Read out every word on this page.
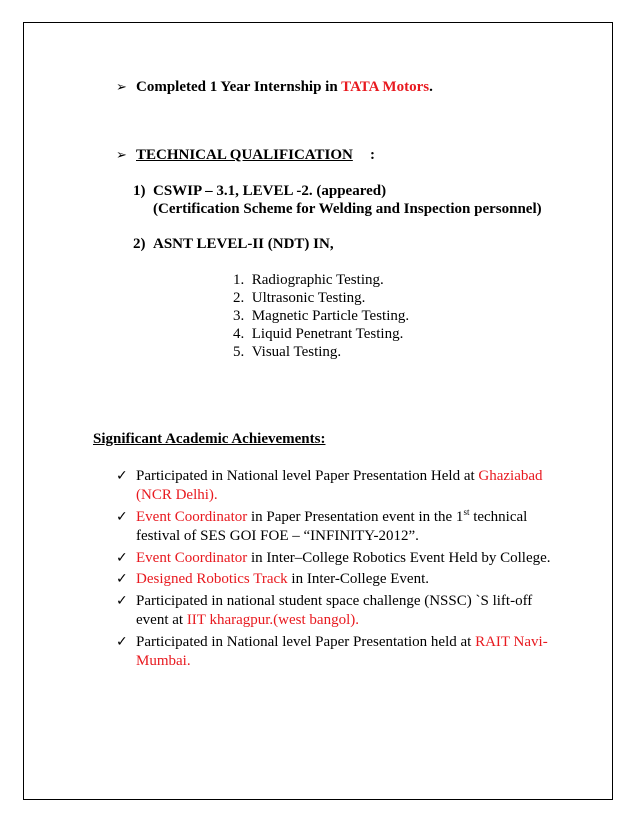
➢ Completed 1 Year Internship in TATA Motors.
➢ TECHNICAL QUALIFICATION :
1) CSWIP – 3.1, LEVEL -2. (appeared)
(Certification Scheme for Welding and Inspection personnel)
2) ASNT LEVEL-II (NDT) IN,
1. Radiographic Testing.
2. Ultrasonic Testing.
3. Magnetic Particle Testing.
4. Liquid Penetrant Testing.
5. Visual Testing.
Significant Academic Achievements:
✓ Participated in National level Paper Presentation Held at Ghaziabad
(NCR Delhi).
✓ Event Coordinator in Paper Presentation event in the 1st technical
festival of SES GOI FOE – “INFINITY-2012”.
✓ Event Coordinator in Inter–College Robotics Event Held by College.
✓ Designed Robotics Track in Inter-College Event.
✓ Participated in national student space challenge (NSSC) `S lift-off
event at IIT kharagpur.(west bangol).
✓ Participated in National level Paper Presentation held at RAIT Navi-
Mumbai.
